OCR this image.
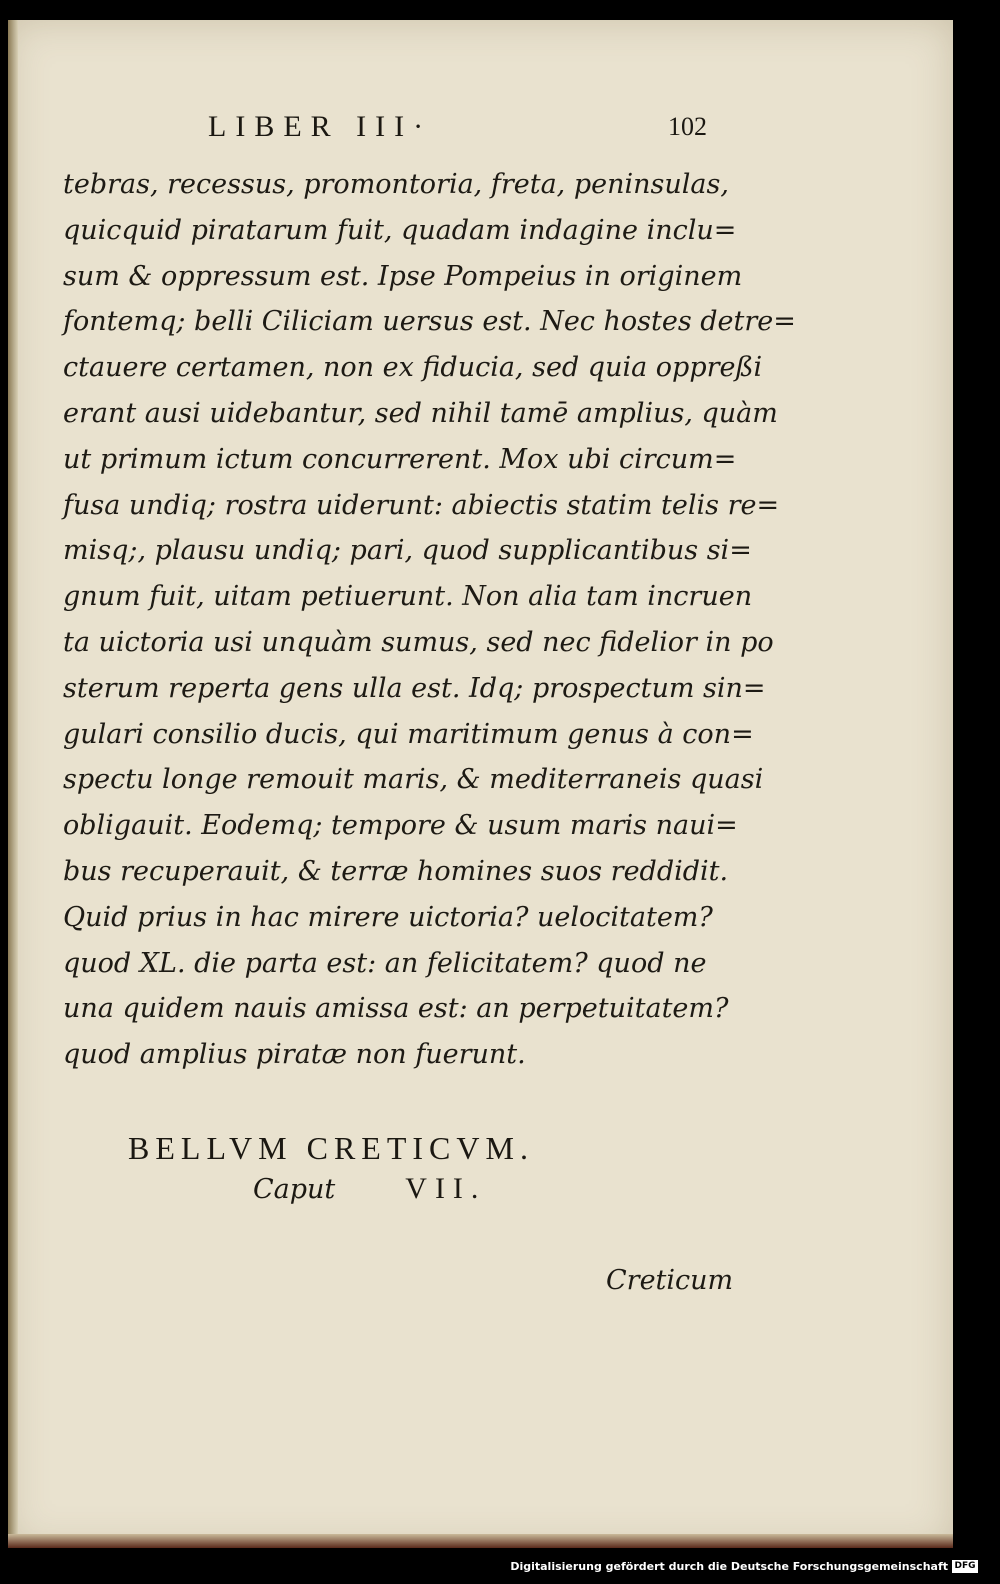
LIBER III·	102
tebras, recessus, promontoria, freta, peninsulas,
quicquid piratarum fuit, quadam indagine inclu=
sum & oppressum est. Ipse Pompeius in originem
fontemq; belli Ciliciam uersus est. Nec hostes detre=
ctauere certamen, non ex fiducia, sed quia oppreßi
erant ausi uidebantur, sed nihil tamē amplius, quàm
ut primum ictum concurrerent. Mox ubi circum=
fusa undiq; rostra uiderunt: abiectis statim telis re=
misq;, plausu undiq; pari, quod supplicantibus si=
gnum fuit, uitam petiuerunt. Non alia tam incruen
ta uictoria usi unquàm sumus, sed nec fidelior in po
sterum reperta gens ulla est. Idq; prospectum sin=
gulari consilio ducis, qui maritimum genus à con=
spectu longe remouit maris, & mediterraneis quasi
obligauit. Eodemq; tempore & usum maris naui=
bus recuperauit, & terræ homines suos reddidit.
Quid prius in hac mirere uictoria? uelocitatem?
quod XL. die parta est: an felicitatem? quod ne
una quidem nauis amissa est: an perpetuitatem?
quod amplius piratæ non fuerunt.
BELLVM CRETICVM.
Caput VII.
Creticum
Digitalisierung gefördert durch die Deutsche Forschungsgemeinschaft DFG
